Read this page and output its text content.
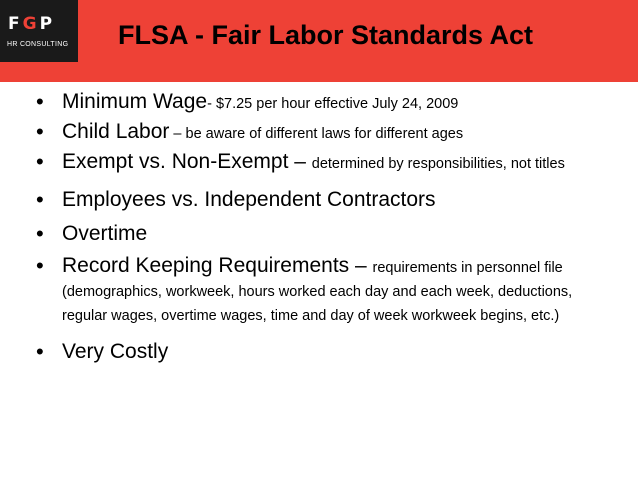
FGP
HR CONSULTING FLSA - Fair Labor Standards Act
• Minimum Wage- $7.25 per hour effective July 24, 2009
• Child Labor – be aware of different laws for different ages
• Exempt vs. Non-Exempt – determined by responsibilities, not titles
• Employees vs. Independent Contractors
• Overtime
• Record Keeping Requirements – requirements in personnel file (demographics, workweek, hours worked each day and each week, deductions, regular wages, overtime wages, time and day of week workweek begins, etc.)
• Very Costly
